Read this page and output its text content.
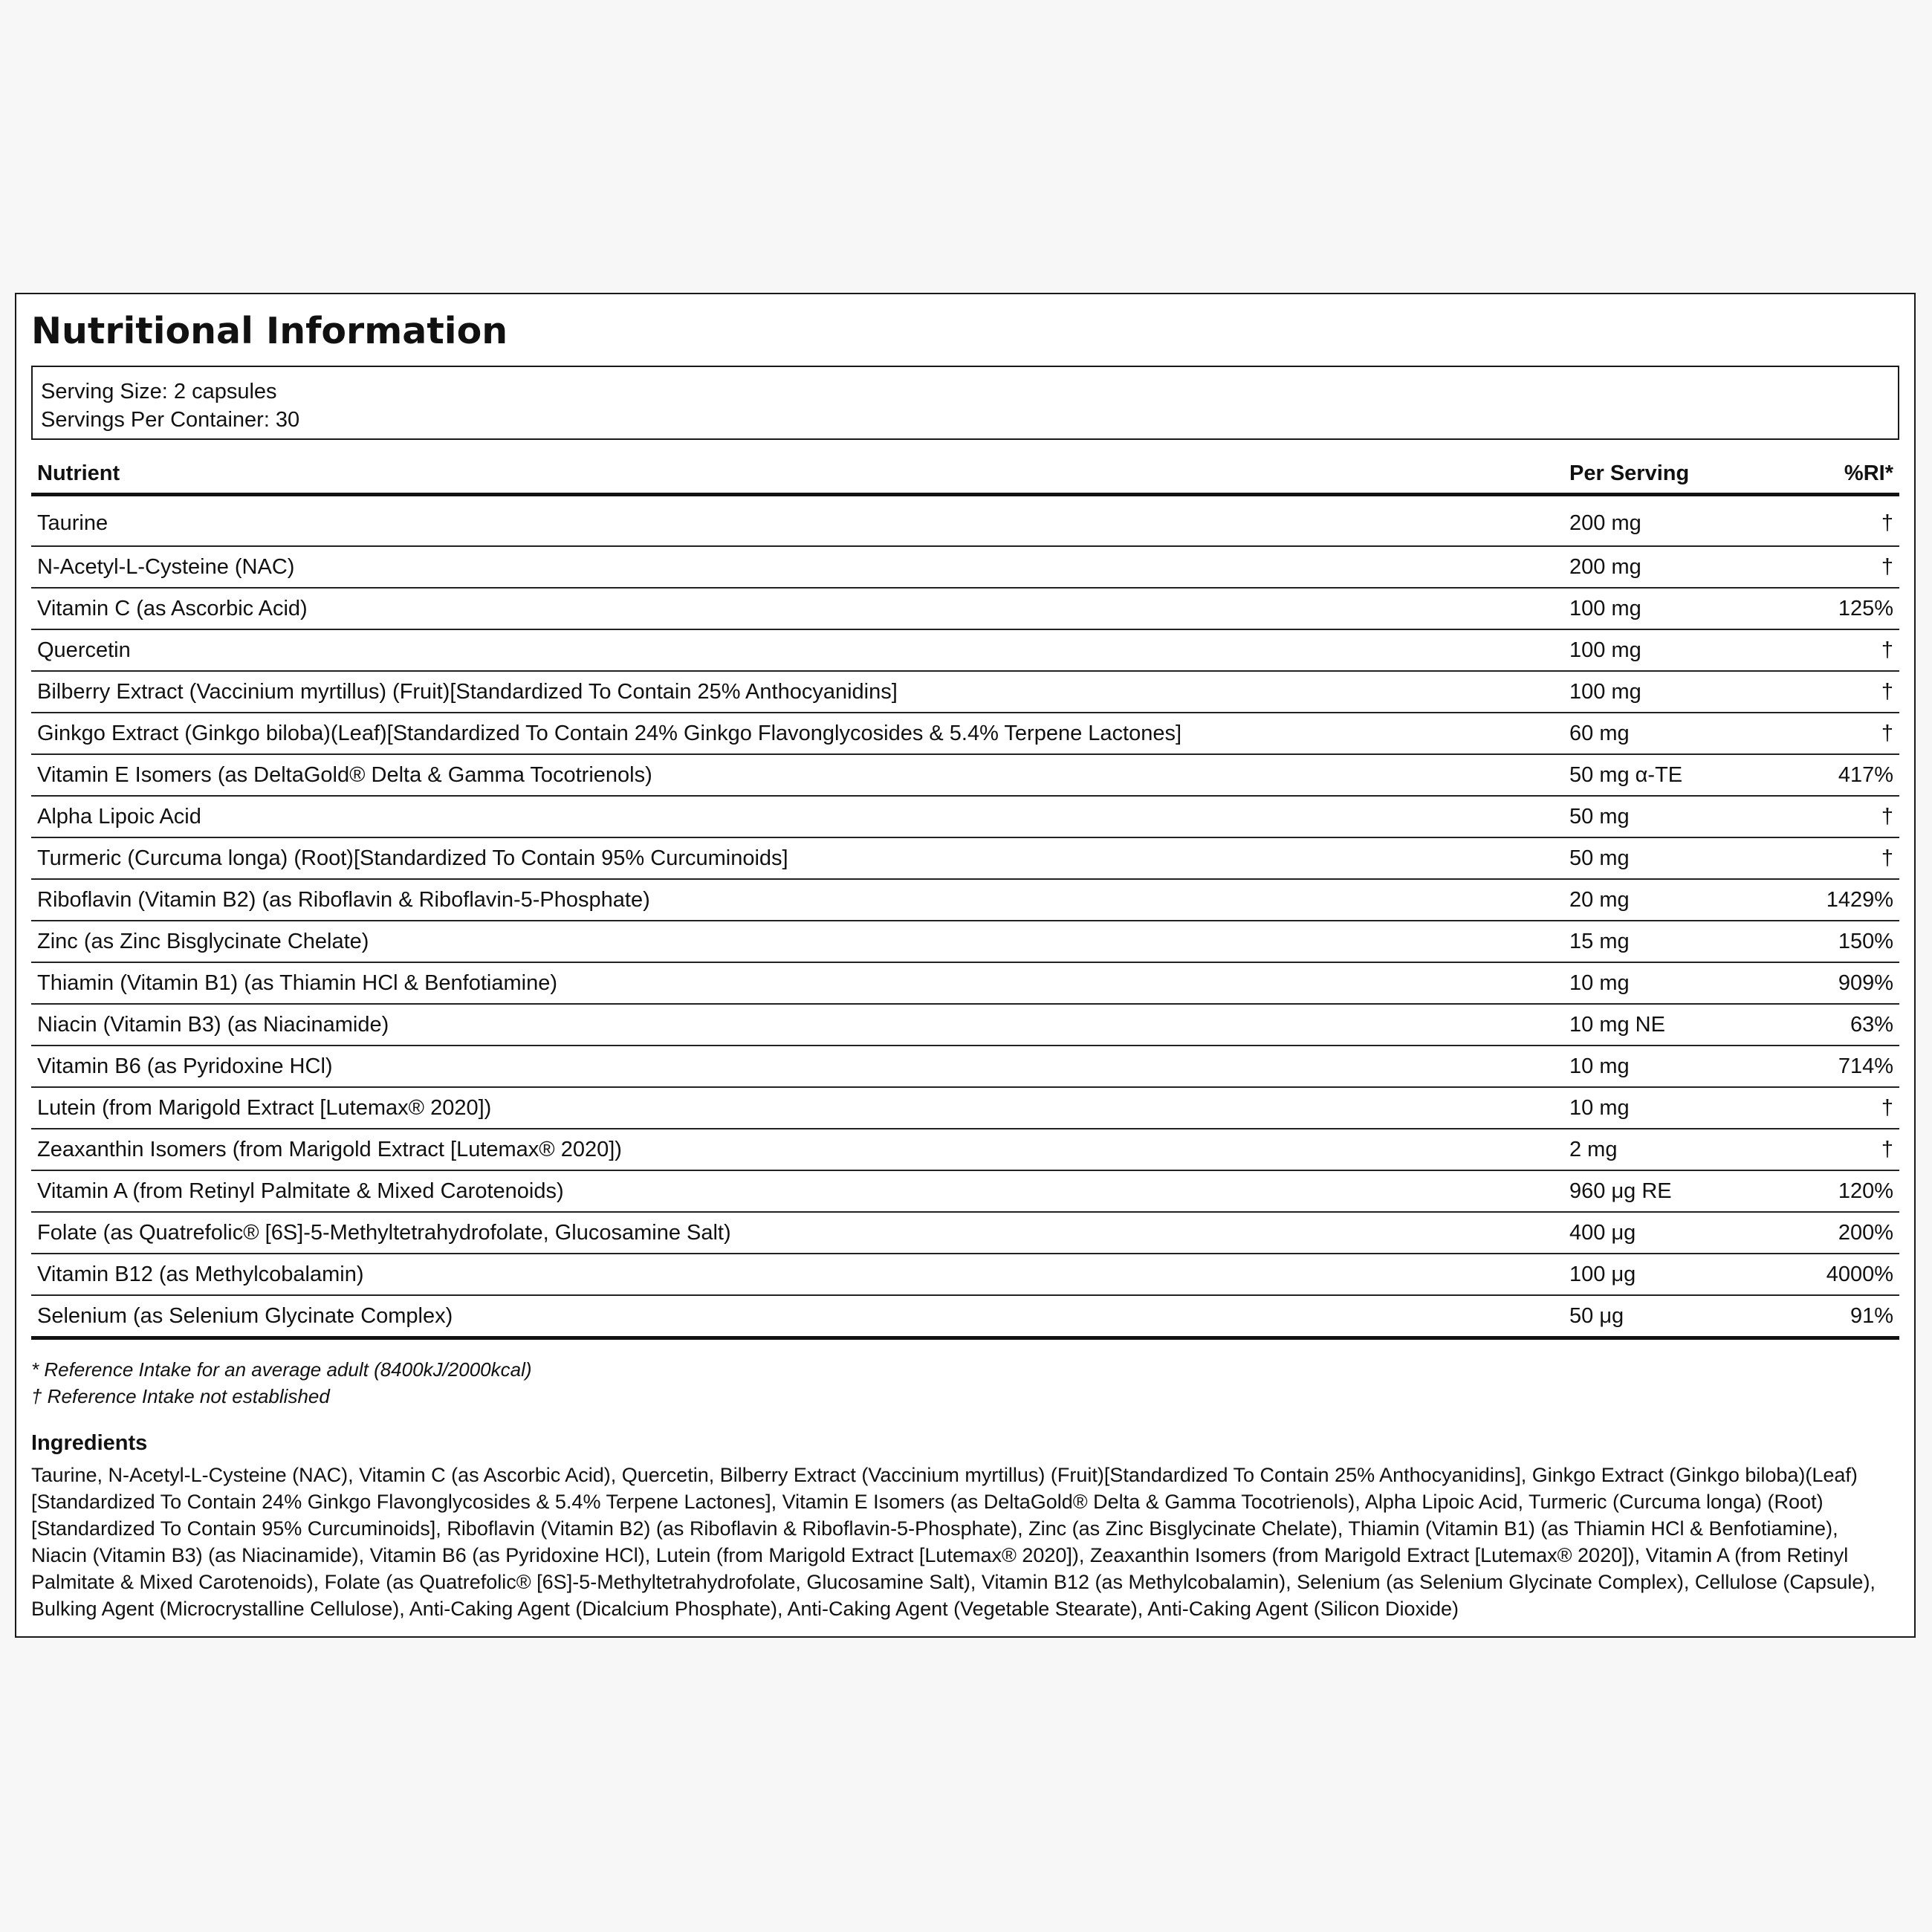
Nutritional Information
Serving Size: 2 capsules
Servings Per Container: 30
Nutrient	Per Serving	%RI*
Taurine	200 mg	†
N-Acetyl-L-Cysteine (NAC)	200 mg	†
Vitamin C (as Ascorbic Acid)	100 mg	125%
Quercetin	100 mg	†
Bilberry Extract (Vaccinium myrtillus) (Fruit)[Standardized To Contain 25% Anthocyanidins]	100 mg	†
Ginkgo Extract (Ginkgo biloba)(Leaf)[Standardized To Contain 24% Ginkgo Flavonglycosides & 5.4% Terpene Lactones]	60 mg	†
Vitamin E Isomers (as DeltaGold® Delta & Gamma Tocotrienols)	50 mg α-TE	417%
Alpha Lipoic Acid	50 mg	†
Turmeric (Curcuma longa) (Root)[Standardized To Contain 95% Curcuminoids]	50 mg	†
Riboflavin (Vitamin B2) (as Riboflavin & Riboflavin-5-Phosphate)	20 mg	1429%
Zinc (as Zinc Bisglycinate Chelate)	15 mg	150%
Thiamin (Vitamin B1) (as Thiamin HCl & Benfotiamine)	10 mg	909%
Niacin (Vitamin B3) (as Niacinamide)	10 mg NE	63%
Vitamin B6 (as Pyridoxine HCl)	10 mg	714%
Lutein (from Marigold Extract [Lutemax® 2020])	10 mg	†
Zeaxanthin Isomers (from Marigold Extract [Lutemax® 2020])	2 mg	†
Vitamin A (from Retinyl Palmitate & Mixed Carotenoids)	960 μg RE	120%
Folate (as Quatrefolic® [6S]-5-Methyltetrahydrofolate, Glucosamine Salt)	400 μg	200%
Vitamin B12 (as Methylcobalamin)	100 μg	4000%
Selenium (as Selenium Glycinate Complex)	50 μg	91%
* Reference Intake for an average adult (8400kJ/2000kcal)
† Reference Intake not established
Ingredients
Taurine, N-Acetyl-L-Cysteine (NAC), Vitamin C (as Ascorbic Acid), Quercetin, Bilberry Extract (Vaccinium myrtillus) (Fruit)[Standardized To Contain 25% Anthocyanidins], Ginkgo Extract (Ginkgo biloba)(Leaf)[Standardized To Contain 24% Ginkgo Flavonglycosides & 5.4% Terpene Lactones], Vitamin E Isomers (as DeltaGold® Delta & Gamma Tocotrienols), Alpha Lipoic Acid, Turmeric (Curcuma longa) (Root)[Standardized To Contain 95% Curcuminoids], Riboflavin (Vitamin B2) (as Riboflavin & Riboflavin-5-Phosphate), Zinc (as Zinc Bisglycinate Chelate), Thiamin (Vitamin B1) (as Thiamin HCl & Benfotiamine), Niacin (Vitamin B3) (as Niacinamide), Vitamin B6 (as Pyridoxine HCl), Lutein (from Marigold Extract [Lutemax® 2020]), Zeaxanthin Isomers (from Marigold Extract [Lutemax® 2020]), Vitamin A (from Retinyl Palmitate & Mixed Carotenoids), Folate (as Quatrefolic® [6S]-5-Methyltetrahydrofolate, Glucosamine Salt), Vitamin B12 (as Methylcobalamin), Selenium (as Selenium Glycinate Complex), Cellulose (Capsule), Bulking Agent (Microcrystalline Cellulose), Anti-Caking Agent (Dicalcium Phosphate), Anti-Caking Agent (Vegetable Stearate), Anti-Caking Agent (Silicon Dioxide)
